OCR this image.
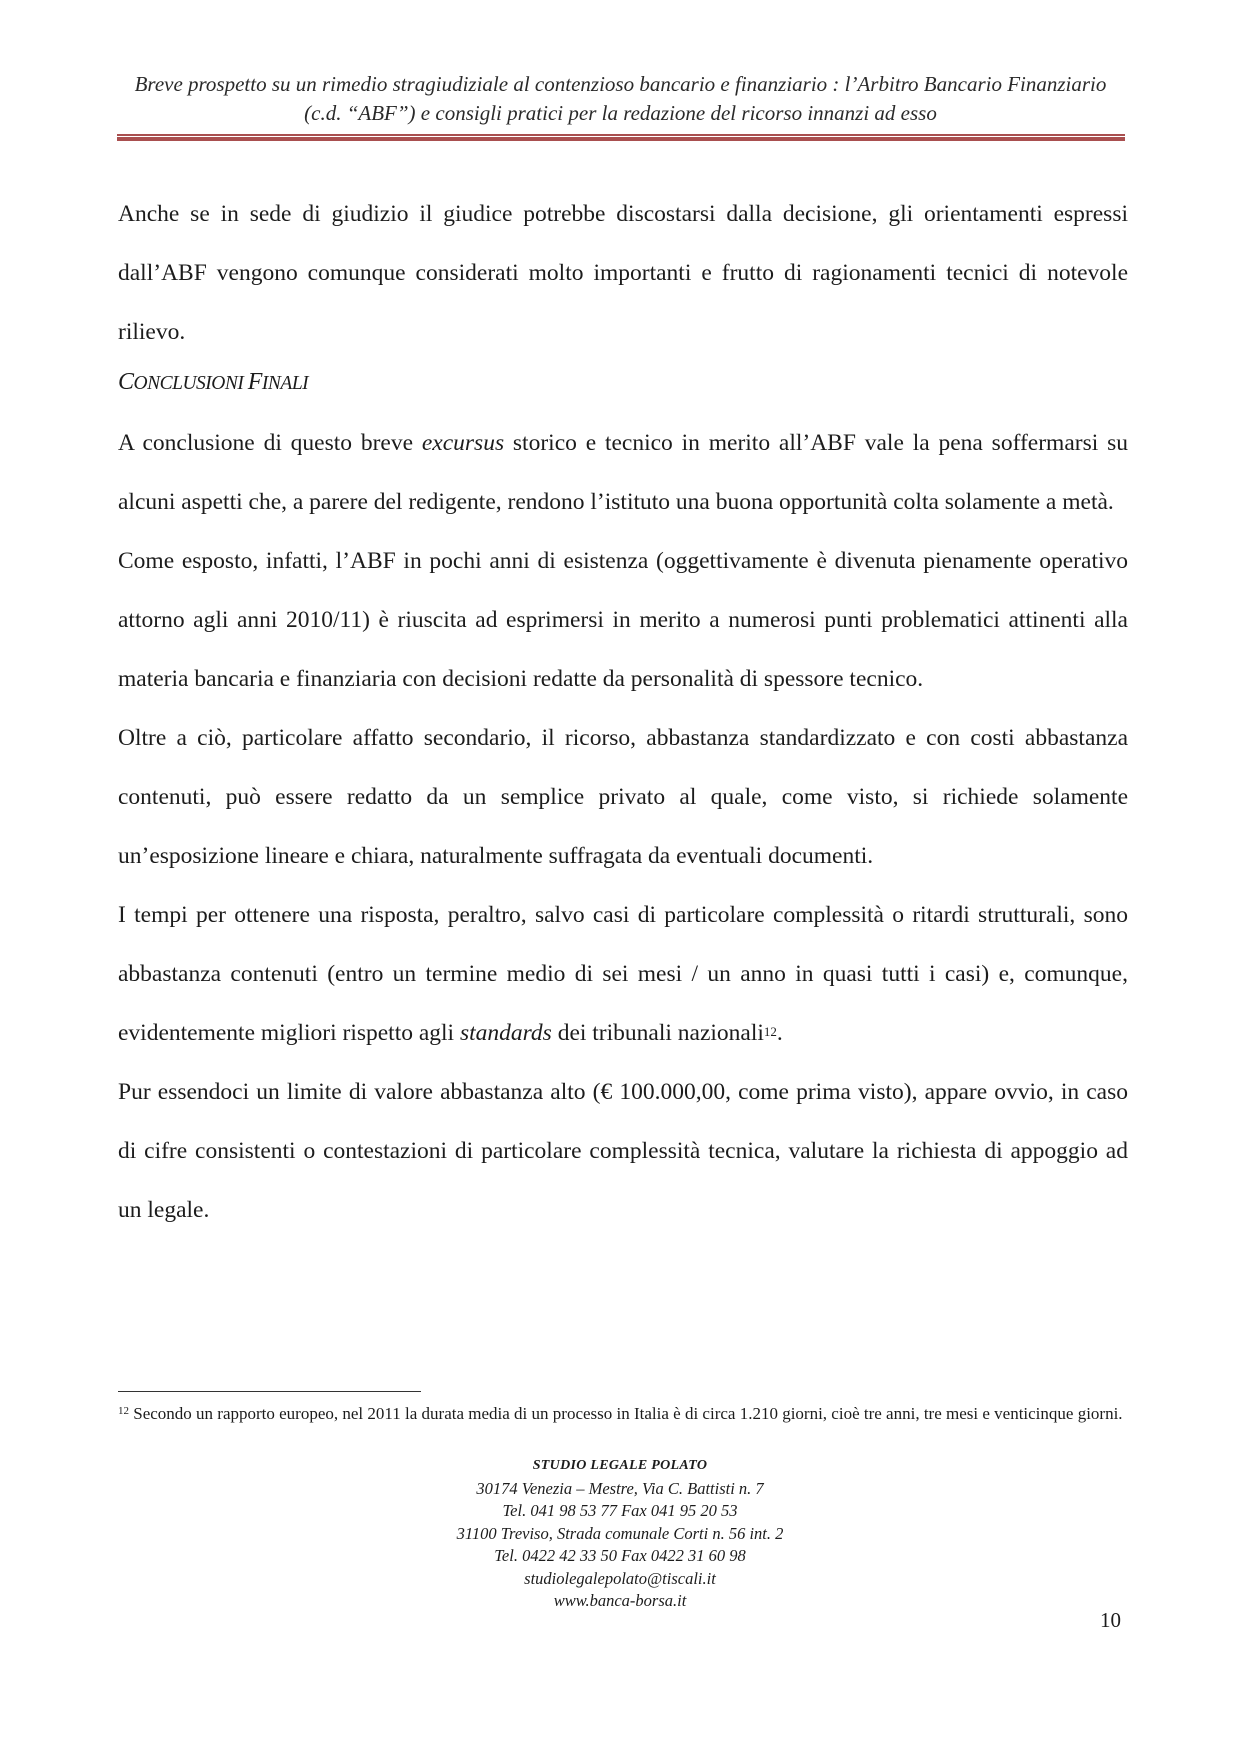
Breve prospetto su un rimedio stragiudiziale al contenzioso bancario e finanziario : l’Arbitro Bancario Finanziario
(c.d. “ABF”) e consigli pratici per la redazione del ricorso innanzi ad esso

Anche se in sede di giudizio il giudice potrebbe discostarsi dalla decisione, gli orientamenti espressi dall’ABF vengono comunque considerati molto importanti e frutto di ragionamenti tecnici di notevole rilievo.

CONCLUSIONI FINALI

A conclusione di questo breve excursus storico e tecnico in merito all’ABF vale la pena soffermarsi su alcuni aspetti che, a parere del redigente, rendono l’istituto una buona opportunità colta solamente a metà.

Come esposto, infatti, l’ABF in pochi anni di esistenza (oggettivamente è divenuta pienamente operativo attorno agli anni 2010/11) è riuscita ad esprimersi in merito a numerosi punti problematici attinenti alla materia bancaria e finanziaria con decisioni redatte da personalità di spessore tecnico.

Oltre a ciò, particolare affatto secondario, il ricorso, abbastanza standardizzato e con costi abbastanza contenuti, può essere redatto da un semplice privato al quale, come visto, si richiede solamente un’esposizione lineare e chiara, naturalmente suffragata da eventuali documenti.

I tempi per ottenere una risposta, peraltro, salvo casi di particolare complessità o ritardi strutturali, sono abbastanza contenuti (entro un termine medio di sei mesi / un anno in quasi tutti i casi) e, comunque, evidentemente migliori rispetto agli standards dei tribunali nazionali$^{12}$.

Pur essendoci un limite di valore abbastanza alto (€ 100.000,00, come prima visto), appare ovvio, in caso di cifre consistenti o contestazioni di particolare complessità tecnica, valutare la richiesta di appoggio ad un legale.

$^{12}$ Secondo un rapporto europeo, nel 2011 la durata media di un processo in Italia è di circa 1.210 giorni, cioè tre anni, tre mesi e venticinque giorni.
STUDIO LEGALE POLATO
30174 Venezia – Mestre, Via C. Battisti n. 7
Tel. 041 98 53 77 Fax 041 95 20 53
31100 Treviso, Strada comunale Corti n. 56 int. 2
Tel. 0422 42 33 50 Fax 0422 31 60 98
studiolegalepolato@tiscali.it
www.banca-borsa.it
10
